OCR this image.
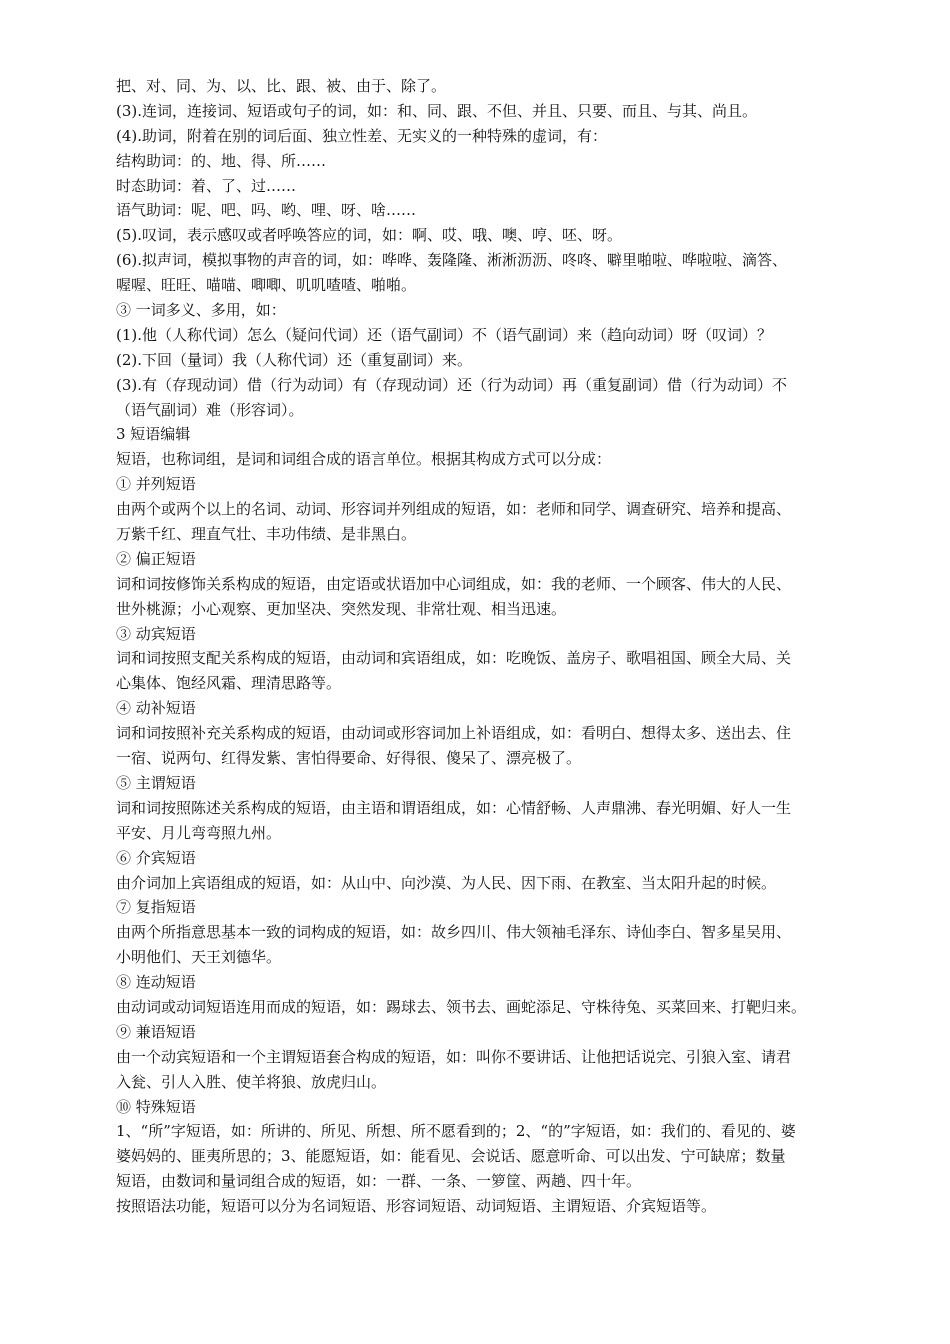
把、对、同、为、以、比、跟、被、由于、除了。
(3).连词，连接词、短语或句子的词，如：和、同、跟、不但、并且、只要、而且、与其、尚且。
(4).助词，附着在别的词后面、独立性差、无实义的一种特殊的虚词，有：
结构助词：的、地、得、所……
时态助词：着、了、过……
语气助词：呢、吧、吗、哟、哩、呀、啥……
(5).叹词，表示感叹或者呼唤答应的词，如：啊、哎、哦、噢、哼、呸、呀。
(6).拟声词，模拟事物的声音的词，如：哗哗、轰隆隆、淅淅沥沥、咚咚、噼里啪啦、哗啦啦、滴答、
喔喔、旺旺、喵喵、唧唧、叽叽喳喳、啪啪。
③ 一词多义、多用，如：
(1).他（人称代词）怎么（疑问代词）还（语气副词）不（语气副词）来（趋向动词）呀（叹词）？
(2).下回（量词）我（人称代词）还（重复副词）来。
(3).有（存现动词）借（行为动词）有（存现动词）还（行为动词）再（重复副词）借（行为动词）不
（语气副词）难（形容词）。
3 短语编辑
短语，也称词组，是词和词组合成的语言单位。根据其构成方式可以分成：
① 并列短语
由两个或两个以上的名词、动词、形容词并列组成的短语，如：老师和同学、调查研究、培养和提高、
万紫千红、理直气壮、丰功伟绩、是非黑白。
② 偏正短语
词和词按修饰关系构成的短语，由定语或状语加中心词组成，如：我的老师、一个顾客、伟大的人民、
世外桃源；小心观察、更加坚决、突然发现、非常壮观、相当迅速。
③ 动宾短语
词和词按照支配关系构成的短语，由动词和宾语组成，如：吃晚饭、盖房子、歌唱祖国、顾全大局、关
心集体、饱经风霜、理清思路等。
④ 动补短语
词和词按照补充关系构成的短语，由动词或形容词加上补语组成，如：看明白、想得太多、送出去、住
一宿、说两句、红得发紫、害怕得要命、好得很、傻呆了、漂亮极了。
⑤ 主谓短语
词和词按照陈述关系构成的短语，由主语和谓语组成，如：心情舒畅、人声鼎沸、春光明媚、好人一生
平安、月儿弯弯照九州。
⑥ 介宾短语
由介词加上宾语组成的短语，如：从山中、向沙漠、为人民、因下雨、在教室、当太阳升起的时候。
⑦ 复指短语
由两个所指意思基本一致的词构成的短语，如：故乡四川、伟大领袖毛泽东、诗仙李白、智多星吴用、
小明他们、天王刘德华。
⑧ 连动短语
由动词或动词短语连用而成的短语，如：踢球去、领书去、画蛇添足、守株待兔、买菜回来、打靶归来。
⑨ 兼语短语
由一个动宾短语和一个主谓短语套合构成的短语，如：叫你不要讲话、让他把话说完、引狼入室、请君
入瓮、引人入胜、使羊将狼、放虎归山。
⑩ 特殊短语
1、“所”字短语，如：所讲的、所见、所想、所不愿看到的；2、“的”字短语，如：我们的、看见的、婆
婆妈妈的、匪夷所思的；3、能愿短语，如：能看见、会说话、愿意听命、可以出发、宁可缺席；数量
短语，由数词和量词组合成的短语，如：一群、一条、一箩筐、两趟、四十年。
按照语法功能，短语可以分为名词短语、形容词短语、动词短语、主谓短语、介宾短语等。
